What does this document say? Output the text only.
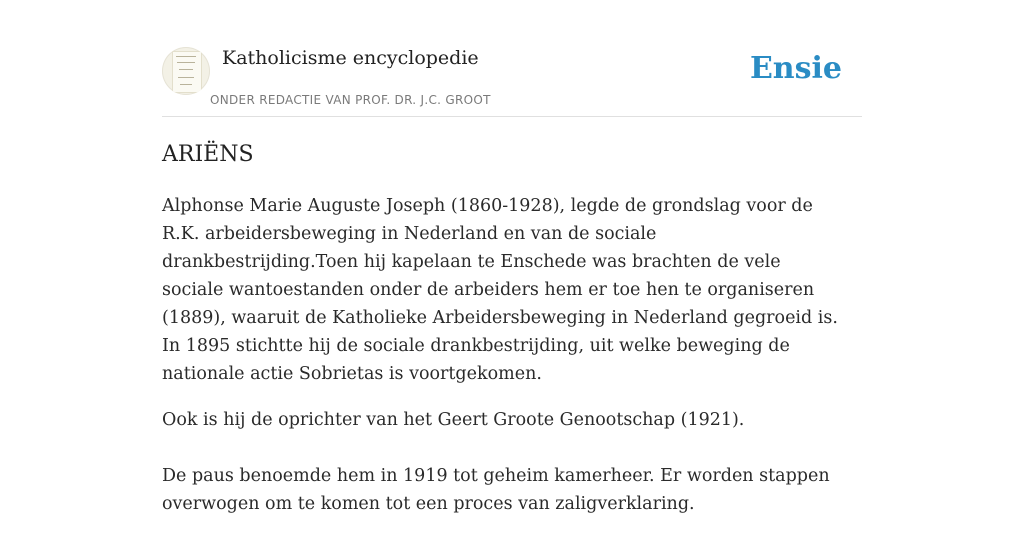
Katholicisme encyclopedie
ONDER REDACTIE VAN PROF. DR. J.C. GROOT
Ensie
ARIËNS

Alphonse Marie Auguste Joseph (1860-1928), legde de grondslag voor de R.K. arbeidersbeweging in Nederland en van de sociale drankbestrijding.Toen hij kapelaan te Enschede was brachten de vele sociale wantoestanden onder de arbeiders hem er toe hen te organiseren (1889), waaruit de Katholieke Arbeidersbeweging in Nederland gegroeid is. In 1895 stichtte hij de sociale drankbestrijding, uit welke beweging de nationale actie Sobrietas is voortgekomen.

Ook is hij de oprichter van het Geert Groote Genootschap (1921).

De paus benoemde hem in 1919 tot geheim kamerheer. Er worden stappen overwogen om te komen tot een proces van zaligverklaring.
